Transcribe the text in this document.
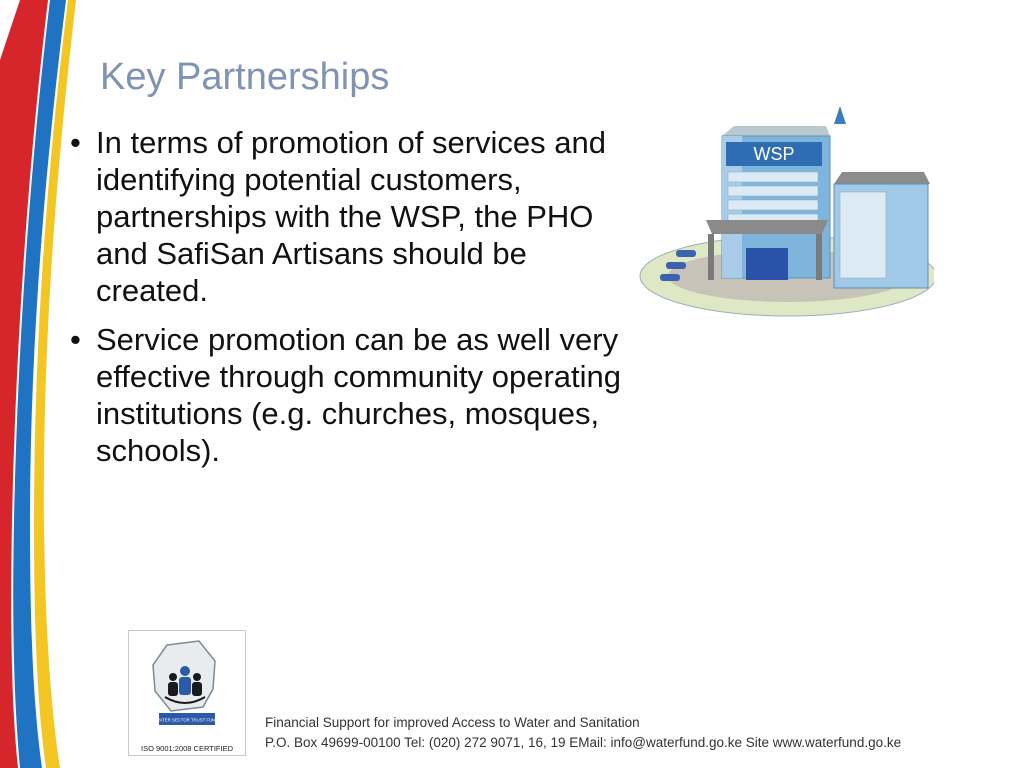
Key Partnerships
• In terms of promotion of services and identifying potential customers, partnerships with the WSP, the PHO and SafiSan Artisans should be created.
• Service promotion can be as well very effective through community operating institutions (e.g. churches, mosques, schools).
WSP
WATER SECTOR TRUST FUND
ISO 9001:2008 CERTIFIED
Financial Support for improved Access to Water and Sanitation
P.O. Box 49699-00100 Tel: (020) 272 9071, 16, 19 EMail: info@waterfund.go.ke Site www.waterfund.go.ke
